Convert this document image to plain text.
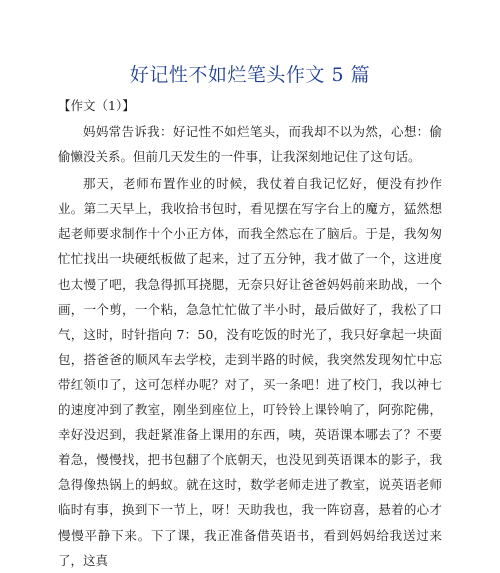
好记性不如烂笔头作文 5 篇
【作文（1）】

妈妈常告诉我：好记性不如烂笔头，而我却不以为然，心想：偷偷懒没关系。但前几天发生的一件事，让我深刻地记住了这句话。

那天，老师布置作业的时候，我仗着自我记忆好，便没有抄作业。第二天早上，我收拾书包时，看见摆在写字台上的魔方，猛然想起老师要求制作十个小正方体，而我全然忘在了脑后。于是，我匆匆忙忙找出一块硬纸板做了起来，过了五分钟，我才做了一个，这进度也太慢了吧，我急得抓耳挠腮，无奈只好让爸爸妈妈前来助战，一个画，一个剪，一个粘，急急忙忙做了半小时，最后做好了，我松了口气，这时，时针指向 7：50，没有吃饭的时光了，我只好拿起一块面包，搭爸爸的顺风车去学校，走到半路的时候，我突然发现匆忙中忘带红领巾了，这可怎样办呢？对了，买一条吧！进了校门，我以神七的速度冲到了教室，刚坐到座位上，叮铃铃上课铃响了，阿弥陀佛，幸好没迟到，我赶紧准备上课用的东西，咦，英语课本哪去了？不要着急，慢慢找，把书包翻了个底朝天，也没见到英语课本的影子，我急得像热锅上的蚂蚁。就在这时，数学老师走进了教室，说英语老师临时有事，换到下一节上，呀！天助我也，我一阵窃喜，悬着的心才慢慢平静下来。下了课，我正准备借英语书，看到妈妈给我送过来了，这真
